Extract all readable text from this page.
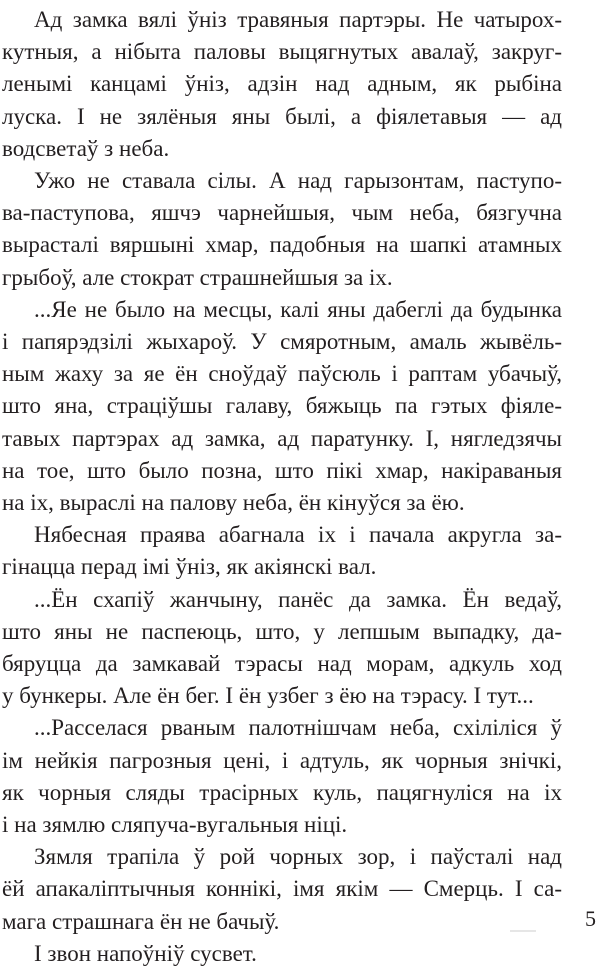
Ад замка вялі ўніз травяныя партэры. Не чатырох-
кутныя, а нібыта паловы выцягнутых авалаў, закруг-
ленымі канцамі ўніз, адзін над адным, як рыбіна
луска. І не зялёныя яны былі, а фіялетавыя — ад
водсветаў з неба.

Ужо не ставала сілы. А над гарызонтам, паступо-
ва-паступова, яшчэ чарнейшыя, чым неба, бязгучна
вырасталі вяршыні хмар, падобныя на шапкі атамных
грыбоў, але стократ страшнейшыя за іх.

...Яе не было на месцы, калі яны дабеглі да будынка
і папярэдзілі жыхароў. У смяротным, амаль жывёль-
ным жаху за яе ён сноўдаў паўсюль і раптам убачыў,
што яна, страціўшы галаву, бяжыць па гэтых фіяле-
тавых партэрах ад замка, ад паратунку. І, нягледзячы
на тое, што было позна, што пікі хмар, накіраваныя
на іх, выраслі на палову неба, ён кінуўся за ёю.

Нябесная праява абагнала іх і пачала акругла за-
гінацца перад імі ўніз, як акіянскі вал.

...Ён схапіў жанчыну, панёс да замка. Ён ведаў,
што яны не паспеюць, што, у лепшым выпадку, да-
бяруцца да замкавай тэрасы над морам, адкуль ход
у бункеры. Але ён бег. І ён узбег з ёю на тэрасу. І тут...

...Расселася рваным палотнішчам неба, схіліліся ў
ім нейкія пагрозныя цені, і адтуль, як чорныя знічкі,
як чорныя сляды трасірных куль, пацягнуліся на іх
і на зямлю сляпуча-вугальныя ніці.

Зямля трапіла ў рой чорных зор, і паўсталі над
ёй апакаліптычныя коннікі, імя якім — Смерць. І са-
мага страшнага ён не бачыў.

І звон напоўніў сусвет.

5
